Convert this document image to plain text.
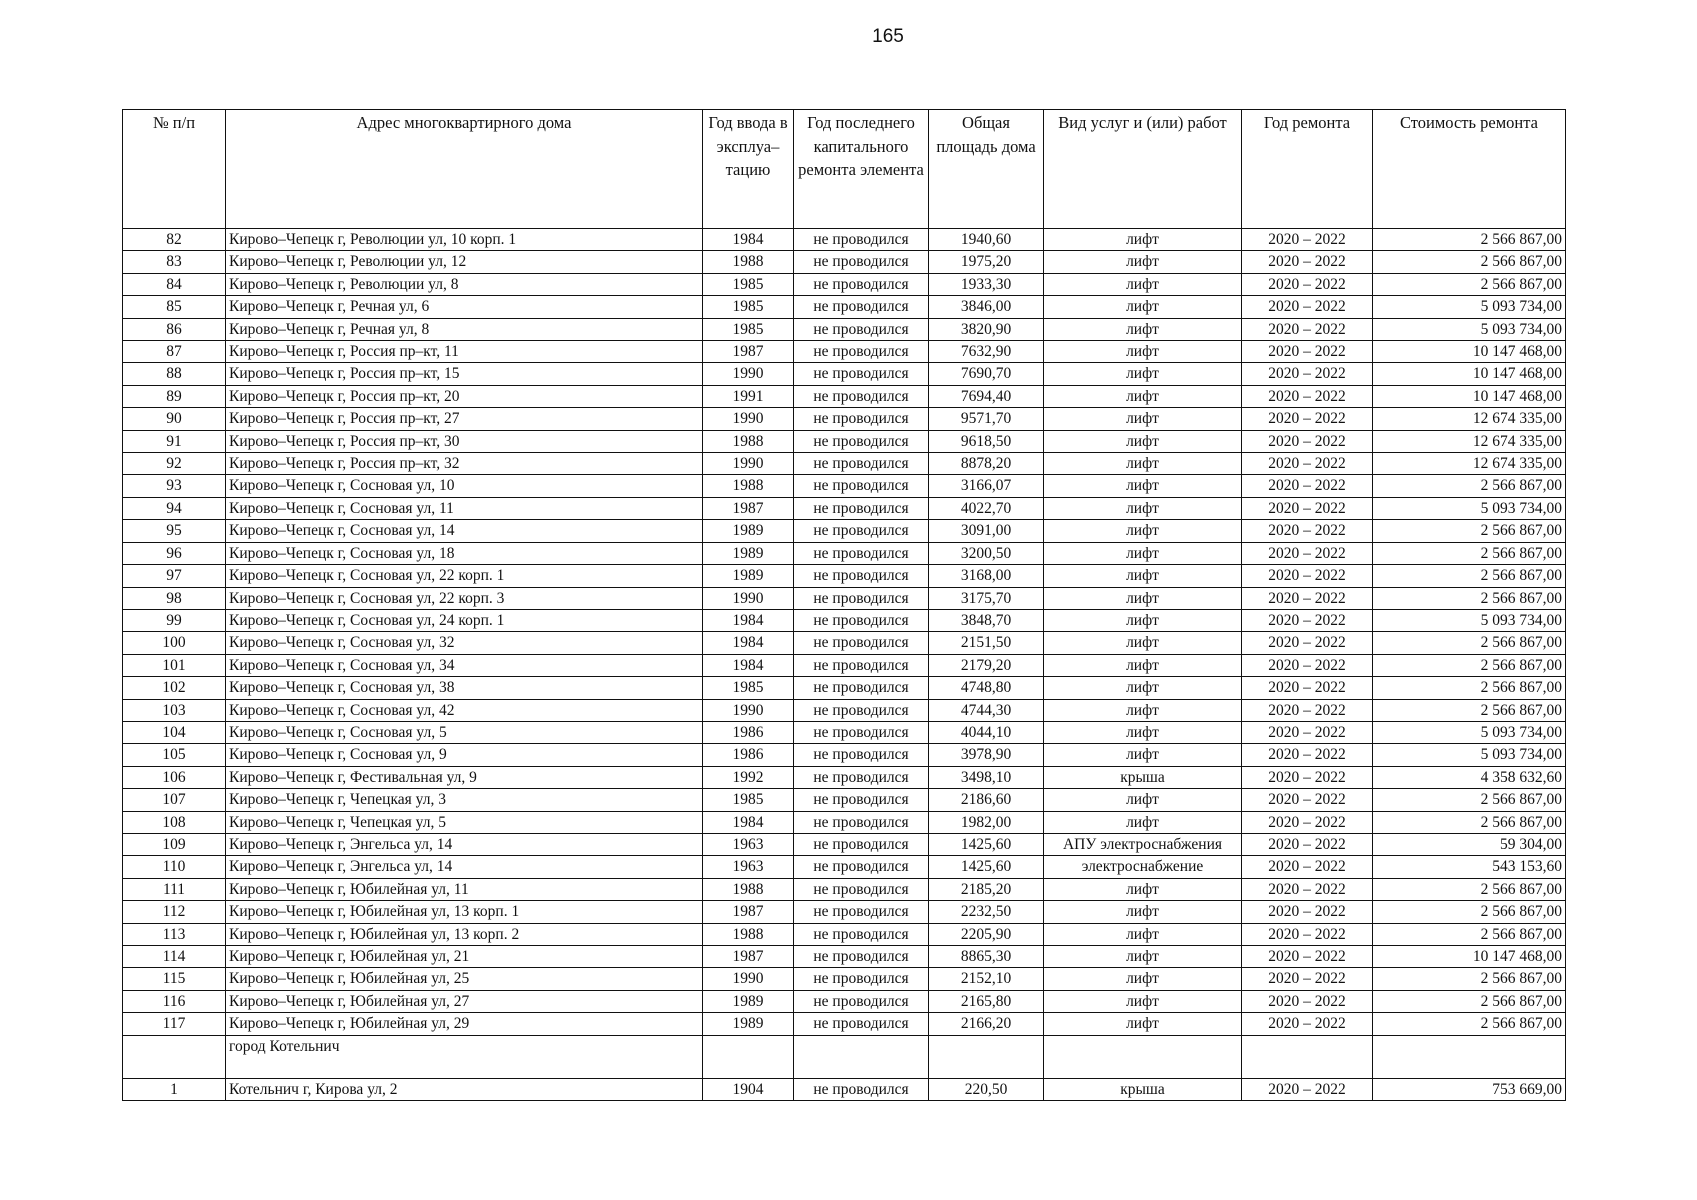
165
№ п/п	Адрес многоквартирного дома	Год ввода в эксплуа–тацию	Год последнего капитального ремонта элемента	Общая площадь дома	Вид услуг и (или) работ	Год ремонта	Стоимость ремонта
82	Кирово–Чепецк г, Революции ул, 10 корп. 1	1984	не проводился	1940,60	лифт	2020 – 2022	2 566 867,00
83	Кирово–Чепецк г, Революции ул, 12	1988	не проводился	1975,20	лифт	2020 – 2022	2 566 867,00
84	Кирово–Чепецк г, Революции ул, 8	1985	не проводился	1933,30	лифт	2020 – 2022	2 566 867,00
85	Кирово–Чепецк г, Речная ул, 6	1985	не проводился	3846,00	лифт	2020 – 2022	5 093 734,00
86	Кирово–Чепецк г, Речная ул, 8	1985	не проводился	3820,90	лифт	2020 – 2022	5 093 734,00
87	Кирово–Чепецк г, Россия пр–кт, 11	1987	не проводился	7632,90	лифт	2020 – 2022	10 147 468,00
88	Кирово–Чепецк г, Россия пр–кт, 15	1990	не проводился	7690,70	лифт	2020 – 2022	10 147 468,00
89	Кирово–Чепецк г, Россия пр–кт, 20	1991	не проводился	7694,40	лифт	2020 – 2022	10 147 468,00
90	Кирово–Чепецк г, Россия пр–кт, 27	1990	не проводился	9571,70	лифт	2020 – 2022	12 674 335,00
91	Кирово–Чепецк г, Россия пр–кт, 30	1988	не проводился	9618,50	лифт	2020 – 2022	12 674 335,00
92	Кирово–Чепецк г, Россия пр–кт, 32	1990	не проводился	8878,20	лифт	2020 – 2022	12 674 335,00
93	Кирово–Чепецк г, Сосновая ул, 10	1988	не проводился	3166,07	лифт	2020 – 2022	2 566 867,00
94	Кирово–Чепецк г, Сосновая ул, 11	1987	не проводился	4022,70	лифт	2020 – 2022	5 093 734,00
95	Кирово–Чепецк г, Сосновая ул, 14	1989	не проводился	3091,00	лифт	2020 – 2022	2 566 867,00
96	Кирово–Чепецк г, Сосновая ул, 18	1989	не проводился	3200,50	лифт	2020 – 2022	2 566 867,00
97	Кирово–Чепецк г, Сосновая ул, 22 корп. 1	1989	не проводился	3168,00	лифт	2020 – 2022	2 566 867,00
98	Кирово–Чепецк г, Сосновая ул, 22 корп. 3	1990	не проводился	3175,70	лифт	2020 – 2022	2 566 867,00
99	Кирово–Чепецк г, Сосновая ул, 24 корп. 1	1984	не проводился	3848,70	лифт	2020 – 2022	5 093 734,00
100	Кирово–Чепецк г, Сосновая ул, 32	1984	не проводился	2151,50	лифт	2020 – 2022	2 566 867,00
101	Кирово–Чепецк г, Сосновая ул, 34	1984	не проводился	2179,20	лифт	2020 – 2022	2 566 867,00
102	Кирово–Чепецк г, Сосновая ул, 38	1985	не проводился	4748,80	лифт	2020 – 2022	2 566 867,00
103	Кирово–Чепецк г, Сосновая ул, 42	1990	не проводился	4744,30	лифт	2020 – 2022	2 566 867,00
104	Кирово–Чепецк г, Сосновая ул, 5	1986	не проводился	4044,10	лифт	2020 – 2022	5 093 734,00
105	Кирово–Чепецк г, Сосновая ул, 9	1986	не проводился	3978,90	лифт	2020 – 2022	5 093 734,00
106	Кирово–Чепецк г, Фестивальная ул, 9	1992	не проводился	3498,10	крыша	2020 – 2022	4 358 632,60
107	Кирово–Чепецк г, Чепецкая ул, 3	1985	не проводился	2186,60	лифт	2020 – 2022	2 566 867,00
108	Кирово–Чепецк г, Чепецкая ул, 5	1984	не проводился	1982,00	лифт	2020 – 2022	2 566 867,00
109	Кирово–Чепецк г, Энгельса ул, 14	1963	не проводился	1425,60	АПУ электроснабжения	2020 – 2022	59 304,00
110	Кирово–Чепецк г, Энгельса ул, 14	1963	не проводился	1425,60	электроснабжение	2020 – 2022	543 153,60
111	Кирово–Чепецк г, Юбилейная ул, 11	1988	не проводился	2185,20	лифт	2020 – 2022	2 566 867,00
112	Кирово–Чепецк г, Юбилейная ул, 13 корп. 1	1987	не проводился	2232,50	лифт	2020 – 2022	2 566 867,00
113	Кирово–Чепецк г, Юбилейная ул, 13 корп. 2	1988	не проводился	2205,90	лифт	2020 – 2022	2 566 867,00
114	Кирово–Чепецк г, Юбилейная ул, 21	1987	не проводился	8865,30	лифт	2020 – 2022	10 147 468,00
115	Кирово–Чепецк г, Юбилейная ул, 25	1990	не проводился	2152,10	лифт	2020 – 2022	2 566 867,00
116	Кирово–Чепецк г, Юбилейная ул, 27	1989	не проводился	2165,80	лифт	2020 – 2022	2 566 867,00
117	Кирово–Чепецк г, Юбилейная ул, 29	1989	не проводился	2166,20	лифт	2020 – 2022	2 566 867,00
	город Котельнич						
1	Котельнич г, Кирова ул, 2	1904	не проводился	220,50	крыша	2020 – 2022	753 669,00
